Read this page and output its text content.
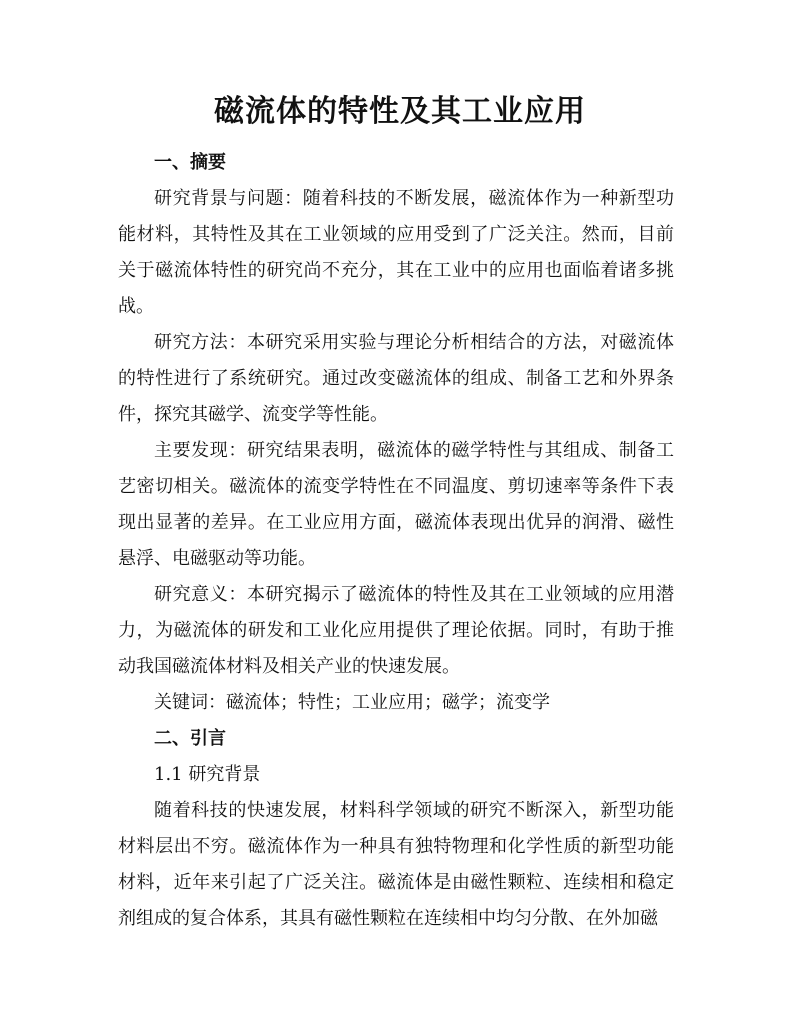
磁流体的特性及其工业应用
一、摘要

研究背景与问题：随着科技的不断发展，磁流体作为一种新型功能材料，其特性及其在工业领域的应用受到了广泛关注。然而，目前关于磁流体特性的研究尚不充分，其在工业中的应用也面临着诸多挑战。

研究方法：本研究采用实验与理论分析相结合的方法，对磁流体的特性进行了系统研究。通过改变磁流体的组成、制备工艺和外界条件，探究其磁学、流变学等性能。

主要发现：研究结果表明，磁流体的磁学特性与其组成、制备工艺密切相关。磁流体的流变学特性在不同温度、剪切速率等条件下表现出显著的差异。在工业应用方面，磁流体表现出优异的润滑、磁性悬浮、电磁驱动等功能。

研究意义：本研究揭示了磁流体的特性及其在工业领域的应用潜力，为磁流体的研发和工业化应用提供了理论依据。同时，有助于推动我国磁流体材料及相关产业的快速发展。

关键词：磁流体；特性；工业应用；磁学；流变学

二、引言

1.1 研究背景

随着科技的快速发展，材料科学领域的研究不断深入，新型功能材料层出不穷。磁流体作为一种具有独特物理和化学性质的新型功能材料，近年来引起了广泛关注。磁流体是由磁性颗粒、连续相和稳定剂组成的复合体系，其具有磁性颗粒在连续相中均匀分散、在外加磁
